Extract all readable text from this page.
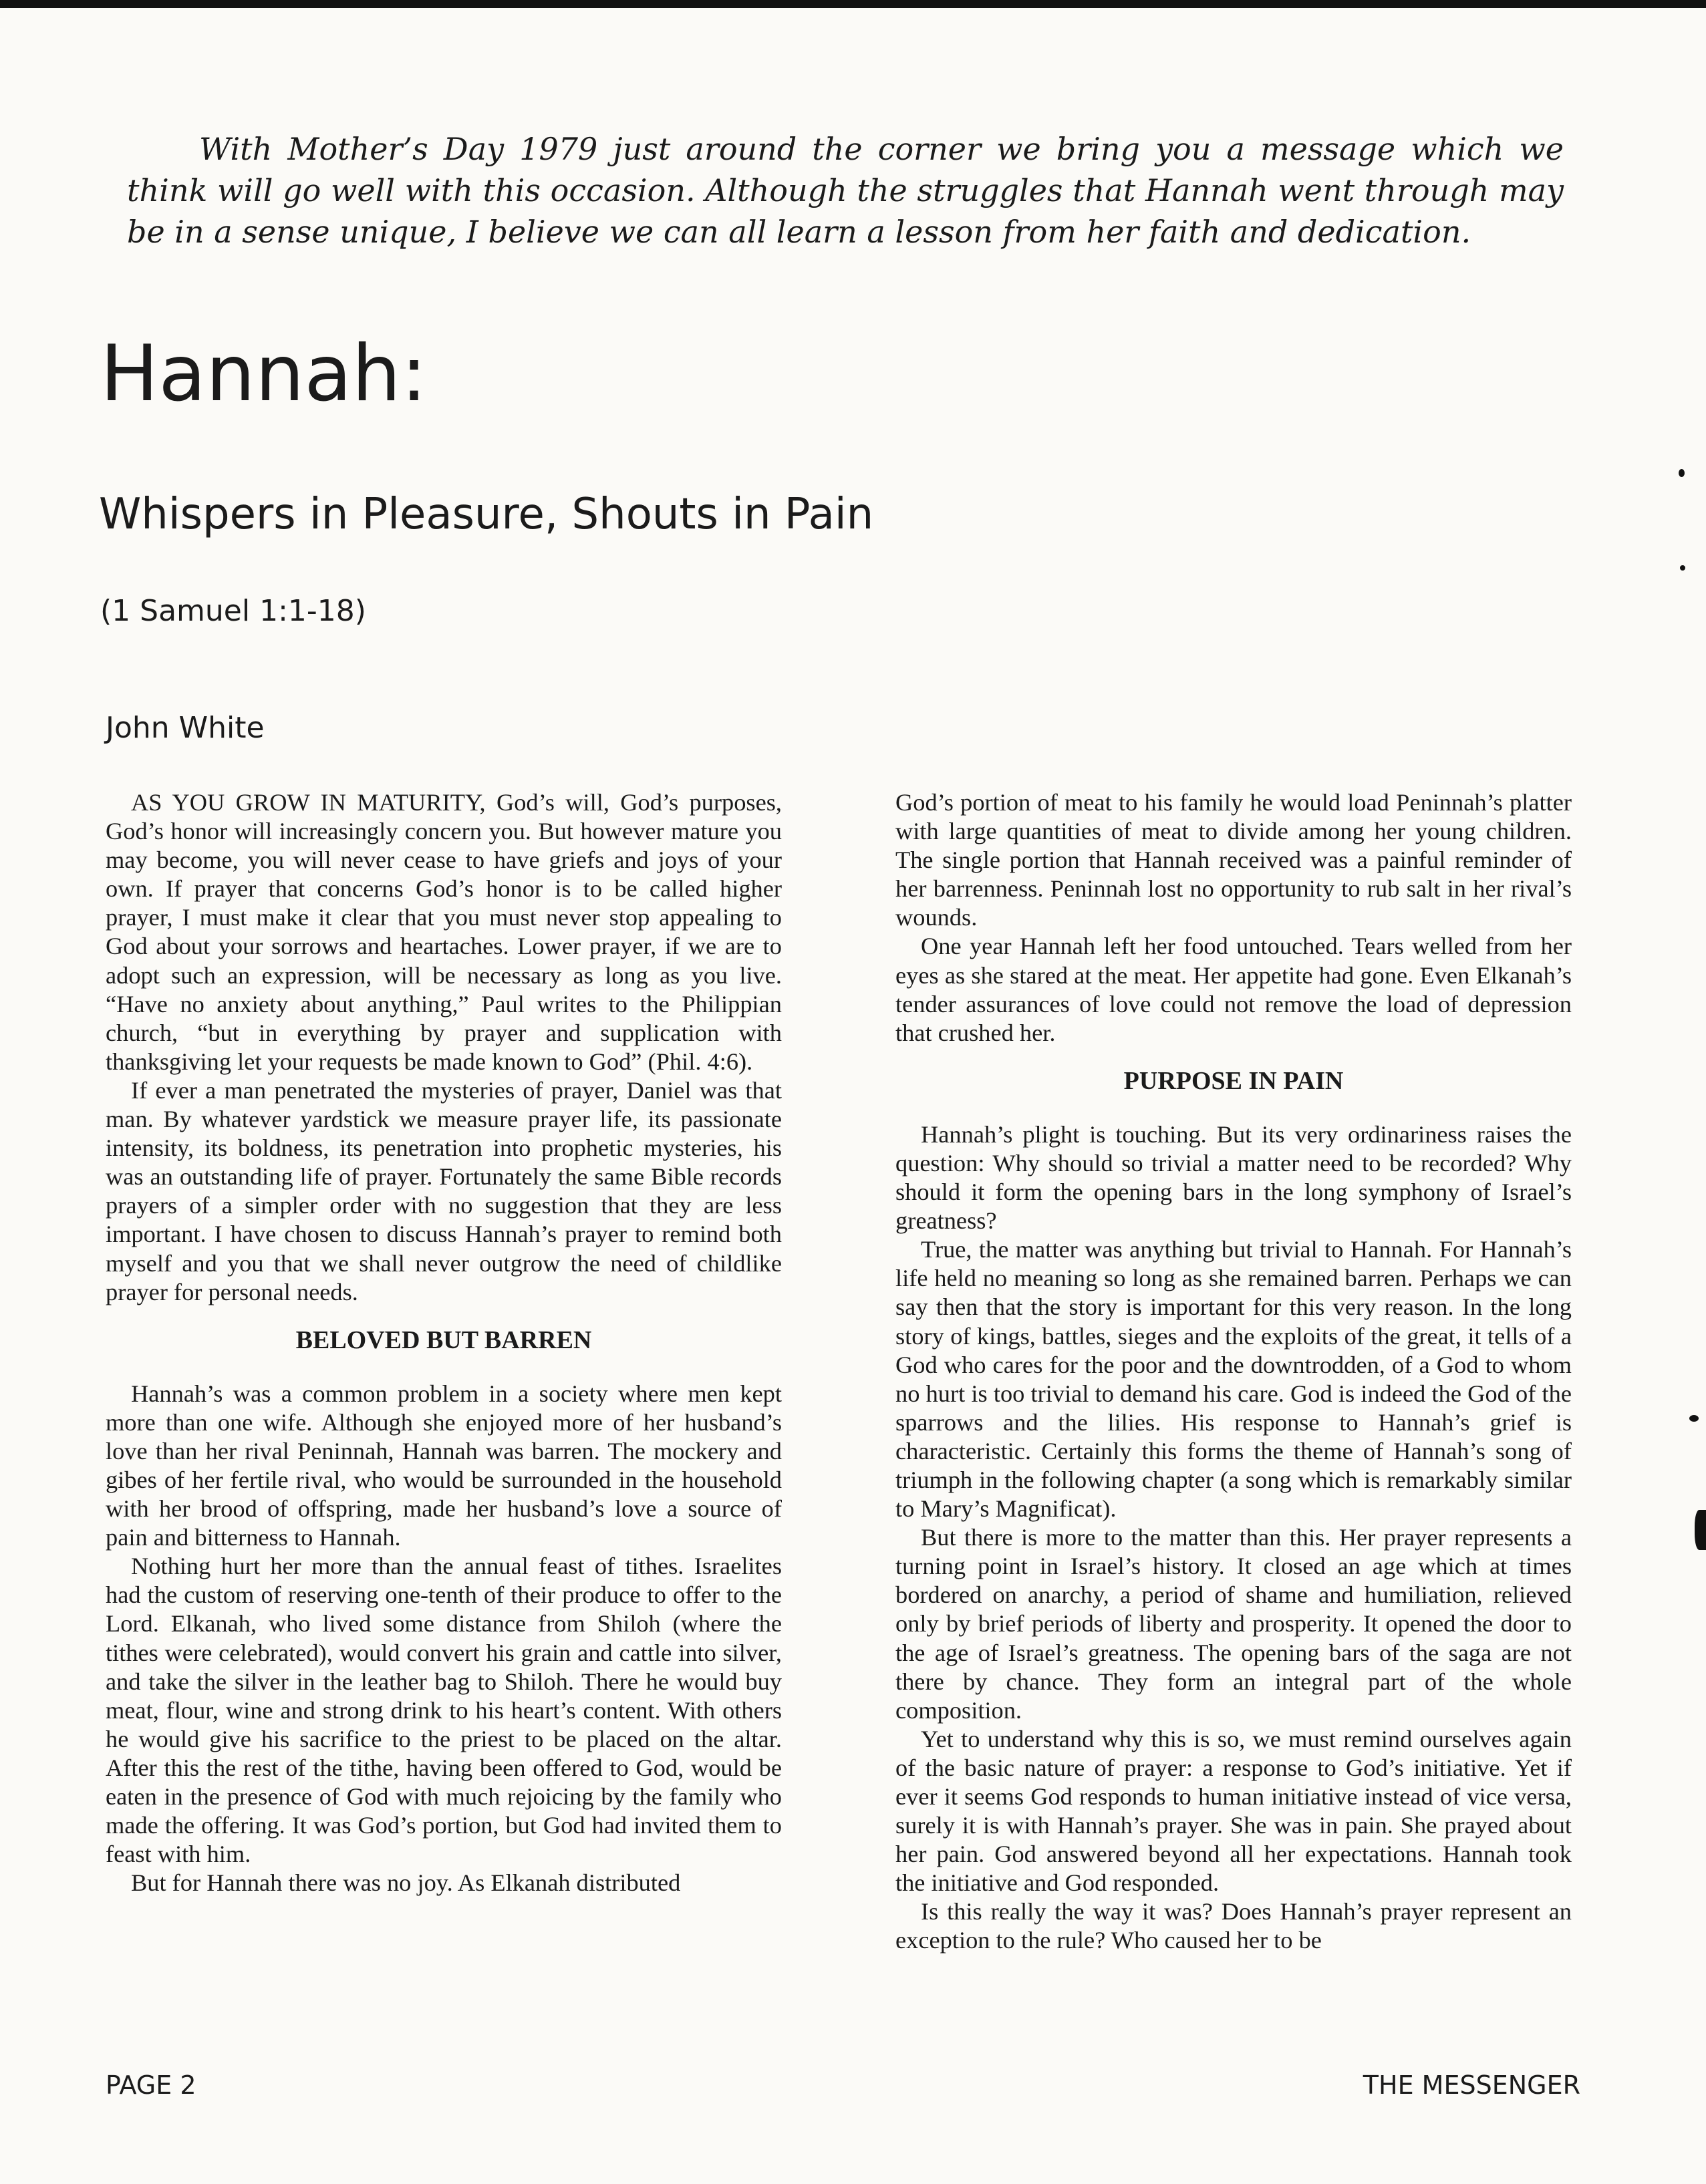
With Mother’s Day 1979 just around the corner we bring you a message which we think will go well with this occasion. Although the struggles that Hannah went through may be in a sense unique, I believe we can all learn a lesson from her faith and dedication.
Hannah:
Whispers in Pleasure, Shouts in Pain
(1 Samuel 1:1-18)
John White

AS YOU GROW IN MATURITY, God’s will, God’s purposes, God’s honor will increasingly concern you. But however mature you may become, you will never cease to have griefs and joys of your own. If prayer that concerns God’s honor is to be called higher prayer, I must make it clear that you must never stop appealing to God about your sorrows and heartaches. Lower prayer, if we are to adopt such an expression, will be necessary as long as you live. “Have no anxiety about anything,” Paul writes to the Philippian church, “but in everything by prayer and supplication with thanksgiving let your requests be made known to God” (Phil. 4:6).

If ever a man penetrated the mysteries of prayer, Daniel was that man. By whatever yardstick we measure prayer life, its passionate intensity, its boldness, its penetration into prophetic mysteries, his was an outstanding life of prayer. Fortunately the same Bible records prayers of a simpler order with no suggestion that they are less important. I have chosen to discuss Hannah’s prayer to remind both myself and you that we shall never outgrow the need of childlike prayer for personal needs.

BELOVED BUT BARREN

Hannah’s was a common problem in a society where men kept more than one wife. Although she enjoyed more of her husband’s love than her rival Peninnah, Hannah was barren. The mockery and gibes of her fertile rival, who would be surrounded in the household with her brood of offspring, made her husband’s love a source of pain and bitterness to Hannah.

Nothing hurt her more than the annual feast of tithes. Israelites had the custom of reserving one-tenth of their produce to offer to the Lord. Elkanah, who lived some distance from Shiloh (where the tithes were celebrated), would convert his grain and cattle into silver, and take the silver in the leather bag to Shiloh. There he would buy meat, flour, wine and strong drink to his heart’s content. With others he would give his sacrifice to the priest to be placed on the altar. After this the rest of the tithe, having been offered to God, would be eaten in the presence of God with much rejoicing by the family who made the offering. It was God’s portion, but God had invited them to feast with him.

But for Hannah there was no joy. As Elkanah distributed

God’s portion of meat to his family he would load Peninnah’s platter with large quantities of meat to divide among her young children. The single portion that Hannah received was a painful reminder of her barrenness. Peninnah lost no opportunity to rub salt in her rival’s wounds.

One year Hannah left her food untouched. Tears welled from her eyes as she stared at the meat. Her appetite had gone. Even Elkanah’s tender assurances of love could not remove the load of depression that crushed her.

PURPOSE IN PAIN

Hannah’s plight is touching. But its very ordinariness raises the question: Why should so trivial a matter need to be recorded? Why should it form the opening bars in the long symphony of Israel’s greatness?

True, the matter was anything but trivial to Hannah. For Hannah’s life held no meaning so long as she remained barren. Perhaps we can say then that the story is important for this very reason. In the long story of kings, battles, sieges and the exploits of the great, it tells of a God who cares for the poor and the downtrodden, of a God to whom no hurt is too trivial to demand his care. God is indeed the God of the sparrows and the lilies. His response to Hannah’s grief is characteristic. Certainly this forms the theme of Hannah’s song of triumph in the following chapter (a song which is remarkably similar to Mary’s Magnificat).

But there is more to the matter than this. Her prayer represents a turning point in Israel’s history. It closed an age which at times bordered on anarchy, a period of shame and humiliation, relieved only by brief periods of liberty and prosperity. It opened the door to the age of Israel’s greatness. The opening bars of the saga are not there by chance. They form an integral part of the whole composition.

Yet to understand why this is so, we must remind ourselves again of the basic nature of prayer: a response to God’s initiative. Yet if ever it seems God responds to human initiative instead of vice versa, surely it is with Hannah’s prayer. She was in pain. She prayed about her pain. God answered beyond all her expectations. Hannah took the initiative and God responded.

Is this really the way it was? Does Hannah’s prayer represent an exception to the rule? Who caused her to be

PAGE 2	THE MESSENGER
